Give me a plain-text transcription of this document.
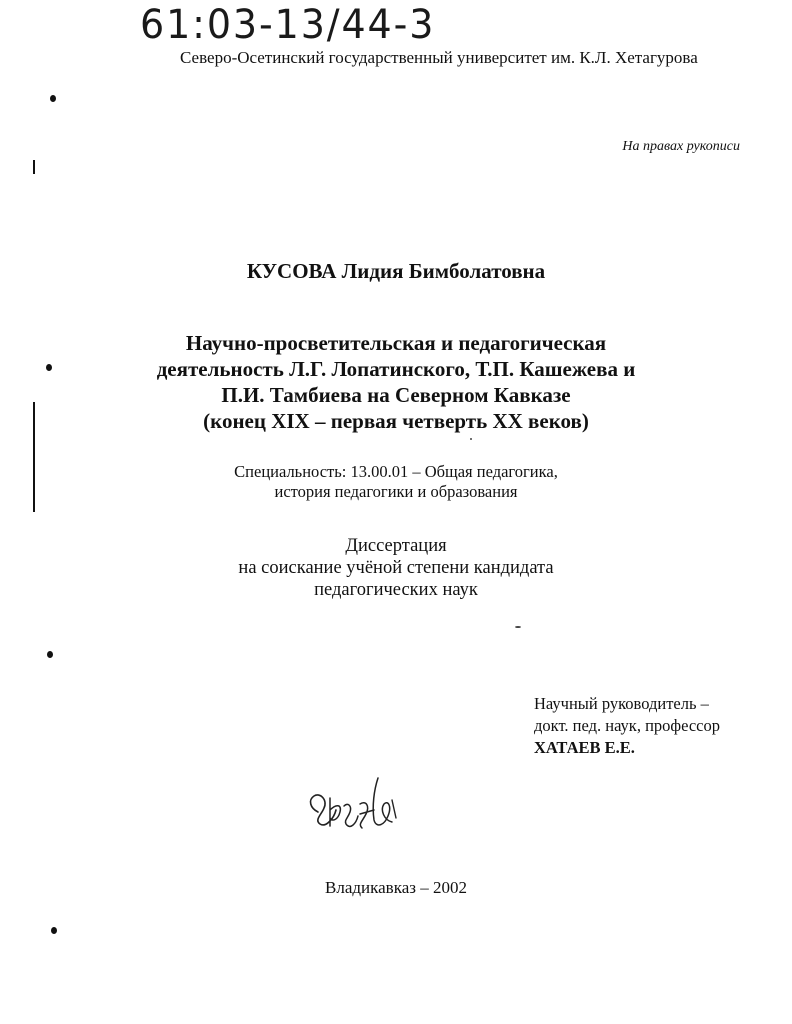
61:03-13/44-3
Северо-Осетинский государственный университет им. К.Л. Хетагурова
На правах рукописи
КУСОВА Лидия Бимболатовна
Научно-просветительская и педагогическая
деятельность Л.Г. Лопатинского, Т.П. Кашежева и
П.И. Тамбиева на Северном Кавказе
(конец XIX – первая четверть XX веков)
Специальность: 13.00.01 – Общая педагогика,
история педагогики и образования
Диссертация
на соискание учёной степени кандидата
педагогических наук
Научный руководитель –
докт. пед. наук, профессор
ХАТАЕВ Е.Е.
Владикавказ – 2002
